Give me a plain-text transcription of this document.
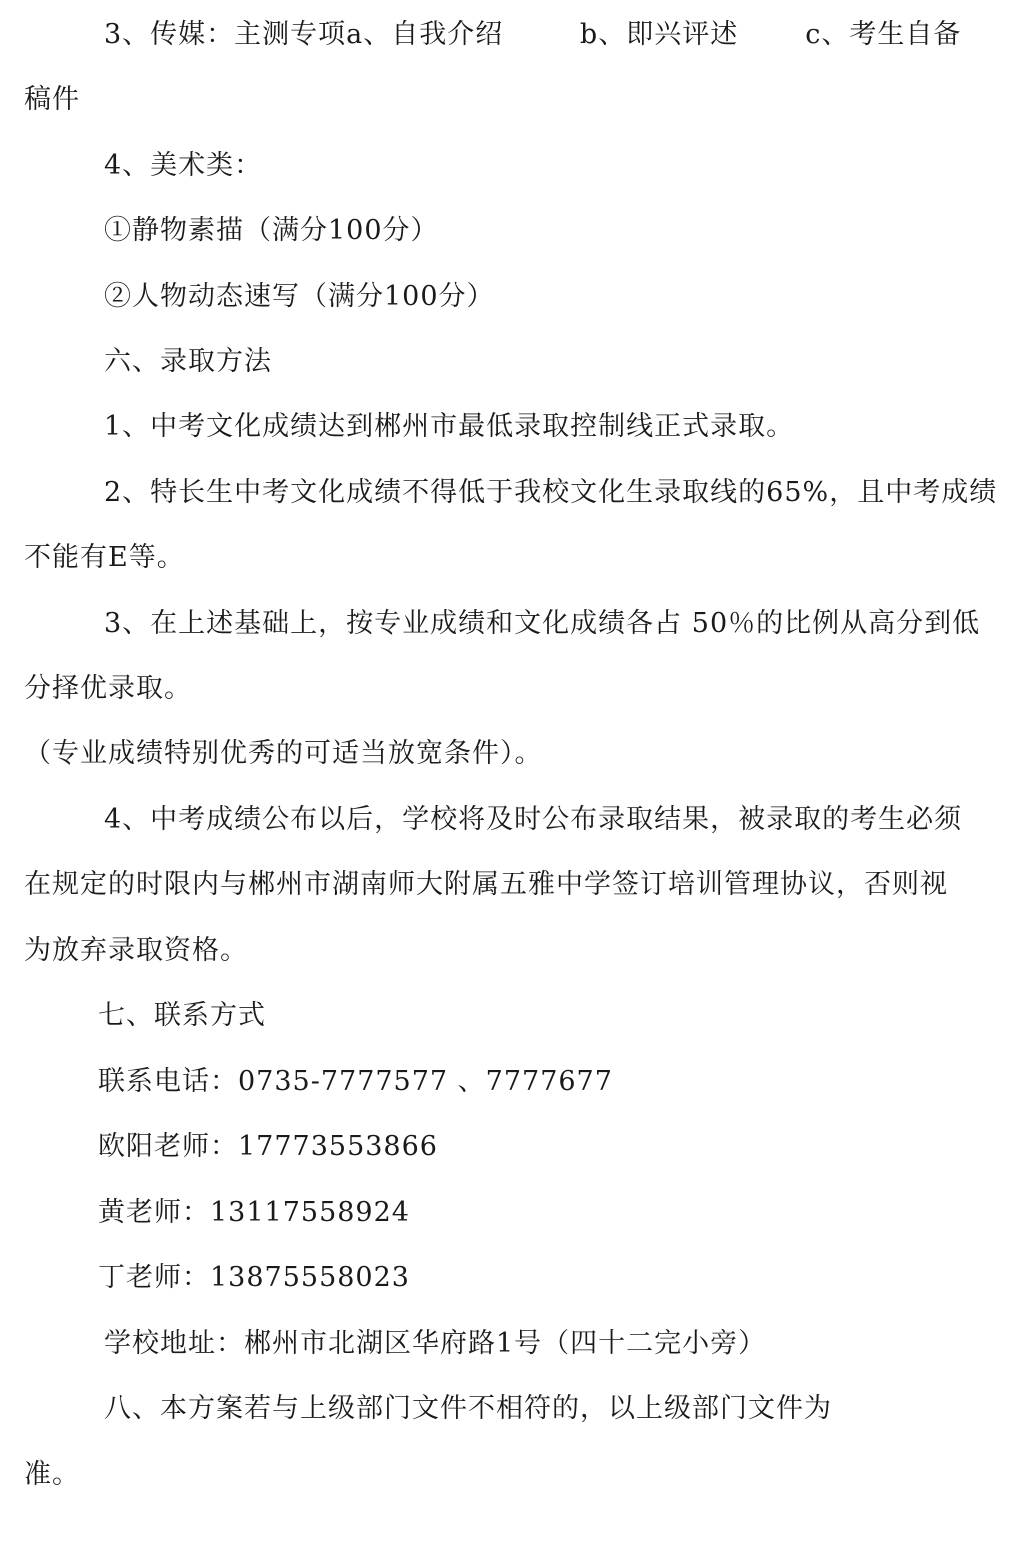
3、传媒：主测专项a、自我介绍        b、即兴评述       c、考生自备
稿件
4、美术类：
①静物素描（满分100分）
②人物动态速写（满分100分）
六、录取方法
1、中考文化成绩达到郴州市最低录取控制线正式录取。
2、特长生中考文化成绩不得低于我校文化生录取线的65%，且中考成绩
不能有E等。
3、在上述基础上，按专业成绩和文化成绩各占 50％的比例从高分到低
分择优录取。
（专业成绩特别优秀的可适当放宽条件）。
4、中考成绩公布以后，学校将及时公布录取结果，被录取的考生必须
在规定的时限内与郴州市湖南师大附属五雅中学签订培训管理协议，否则视
为放弃录取资格。
七、联系方式
联系电话：0735-7777577 、7777677
欧阳老师：17773553866
黄老师：13117558924
丁老师：13875558023
学校地址：郴州市北湖区华府路1号（四十二完小旁）
八、本方案若与上级部门文件不相符的，以上级部门文件为
准。
